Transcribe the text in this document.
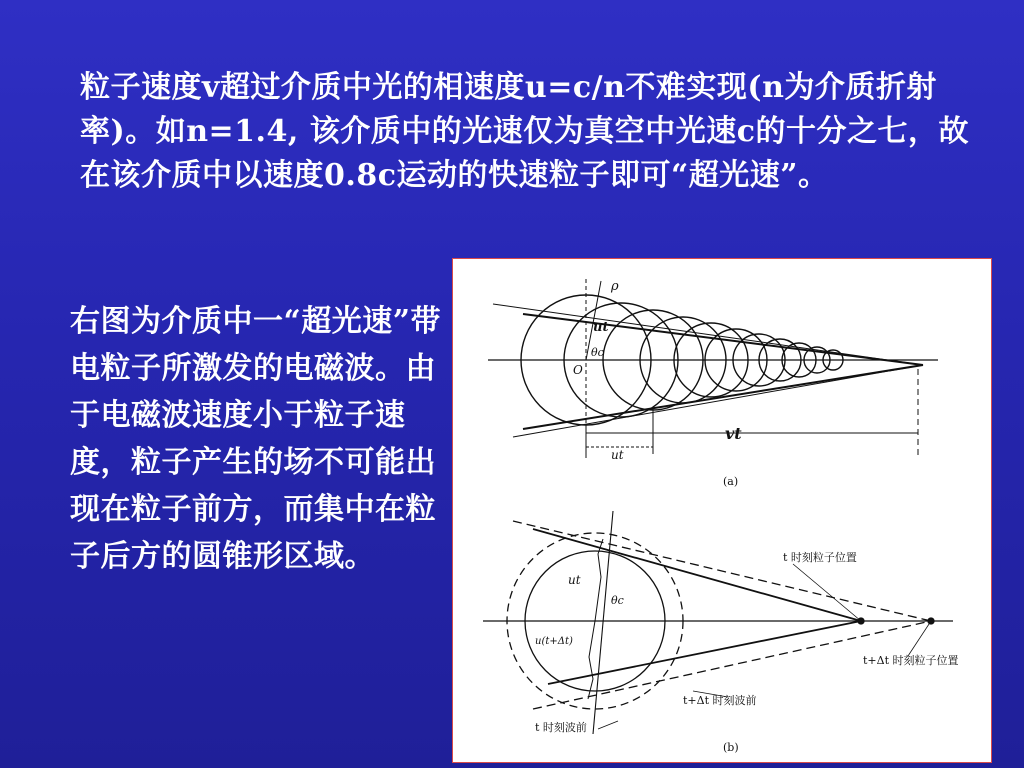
粒子速度v超过介质中光的相速度u=c/n不难实现(n为介质折射率)。如n=1.4, 该介质中的光速仅为真空中光速c的十分之七，故在该介质中以速度0.8c运动的快速粒子即可“超光速”。
右图为介质中一“超光速”带电粒子所激发的电磁波。由于电磁波速度小于粒子速度，粒子产生的场不可能出现在粒子前方，而集中在粒子后方的圆锥形区域。
ρ
ut
θc
O
ut
vt
(a)
ut
θc
u(t+Δt)
t 时刻粒子位置
t+Δt 时刻粒子位置
t+Δt 时刻波前
t 时刻波前
(b)
